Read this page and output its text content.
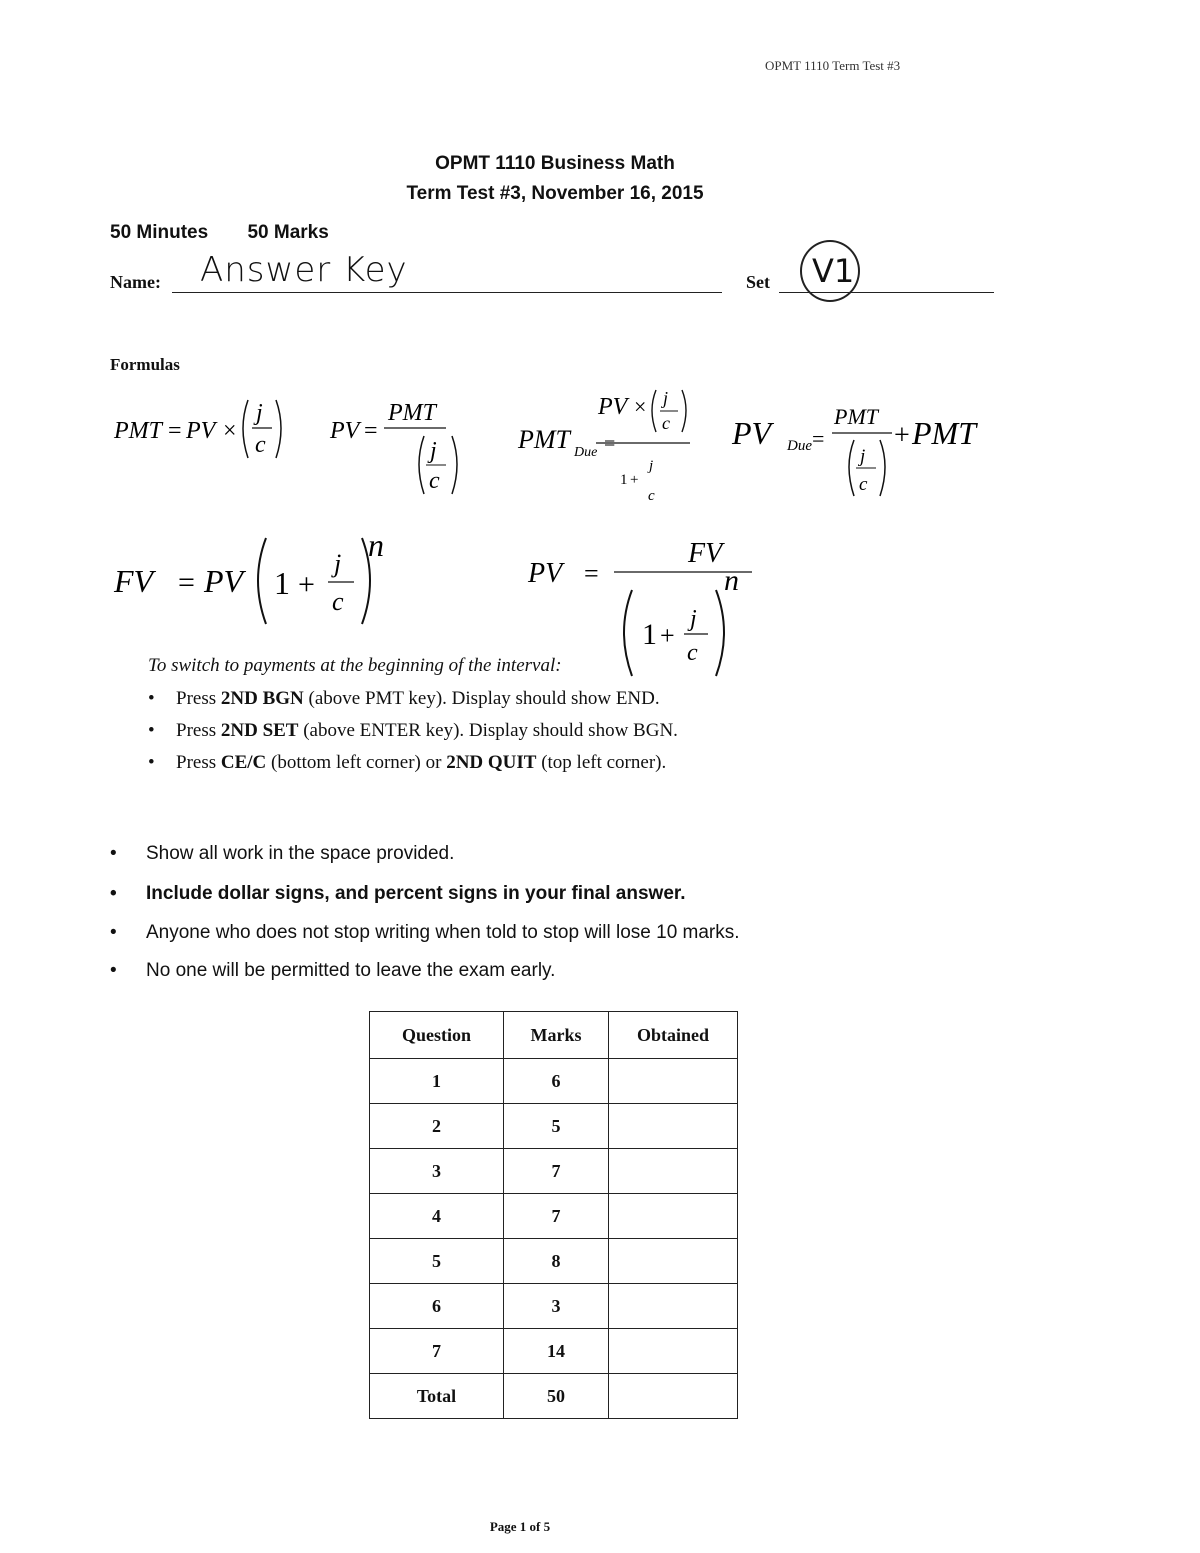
OPMT 1110 Term Test #3
OPMT 1110 Business Math
Term Test #3, November 16, 2015
50 Minutes 50 Marks
Name: Answer Key	Set V1
Formulas
PMT = PV ×
j
c
PV =
PMT
j
c
PMT Due =
PV × j
c
1 +
j
c
PV Due =
PMT
j
c
+ PMT
FV = PV 1 +
j
c
n
PV =
FV
1 +
j
c
n
To switch to payments at the beginning of the interval:
• Press 2ND BGN (above PMT key). Display should show END.
• Press 2ND SET (above ENTER key). Display should show BGN.
• Press CE/C (bottom left corner) or 2ND QUIT (top left corner).
• Show all work in the space provided.
• Include dollar signs, and percent signs in your final answer.
• Anyone who does not stop writing when told to stop will lose 10 marks.
• No one will be permitted to leave the exam early.
Question	Marks	Obtained
1	6	
2	5	
3	7	
4	7	
5	8	
6	3	
7	14	
Total	50	
Page 1 of 5
